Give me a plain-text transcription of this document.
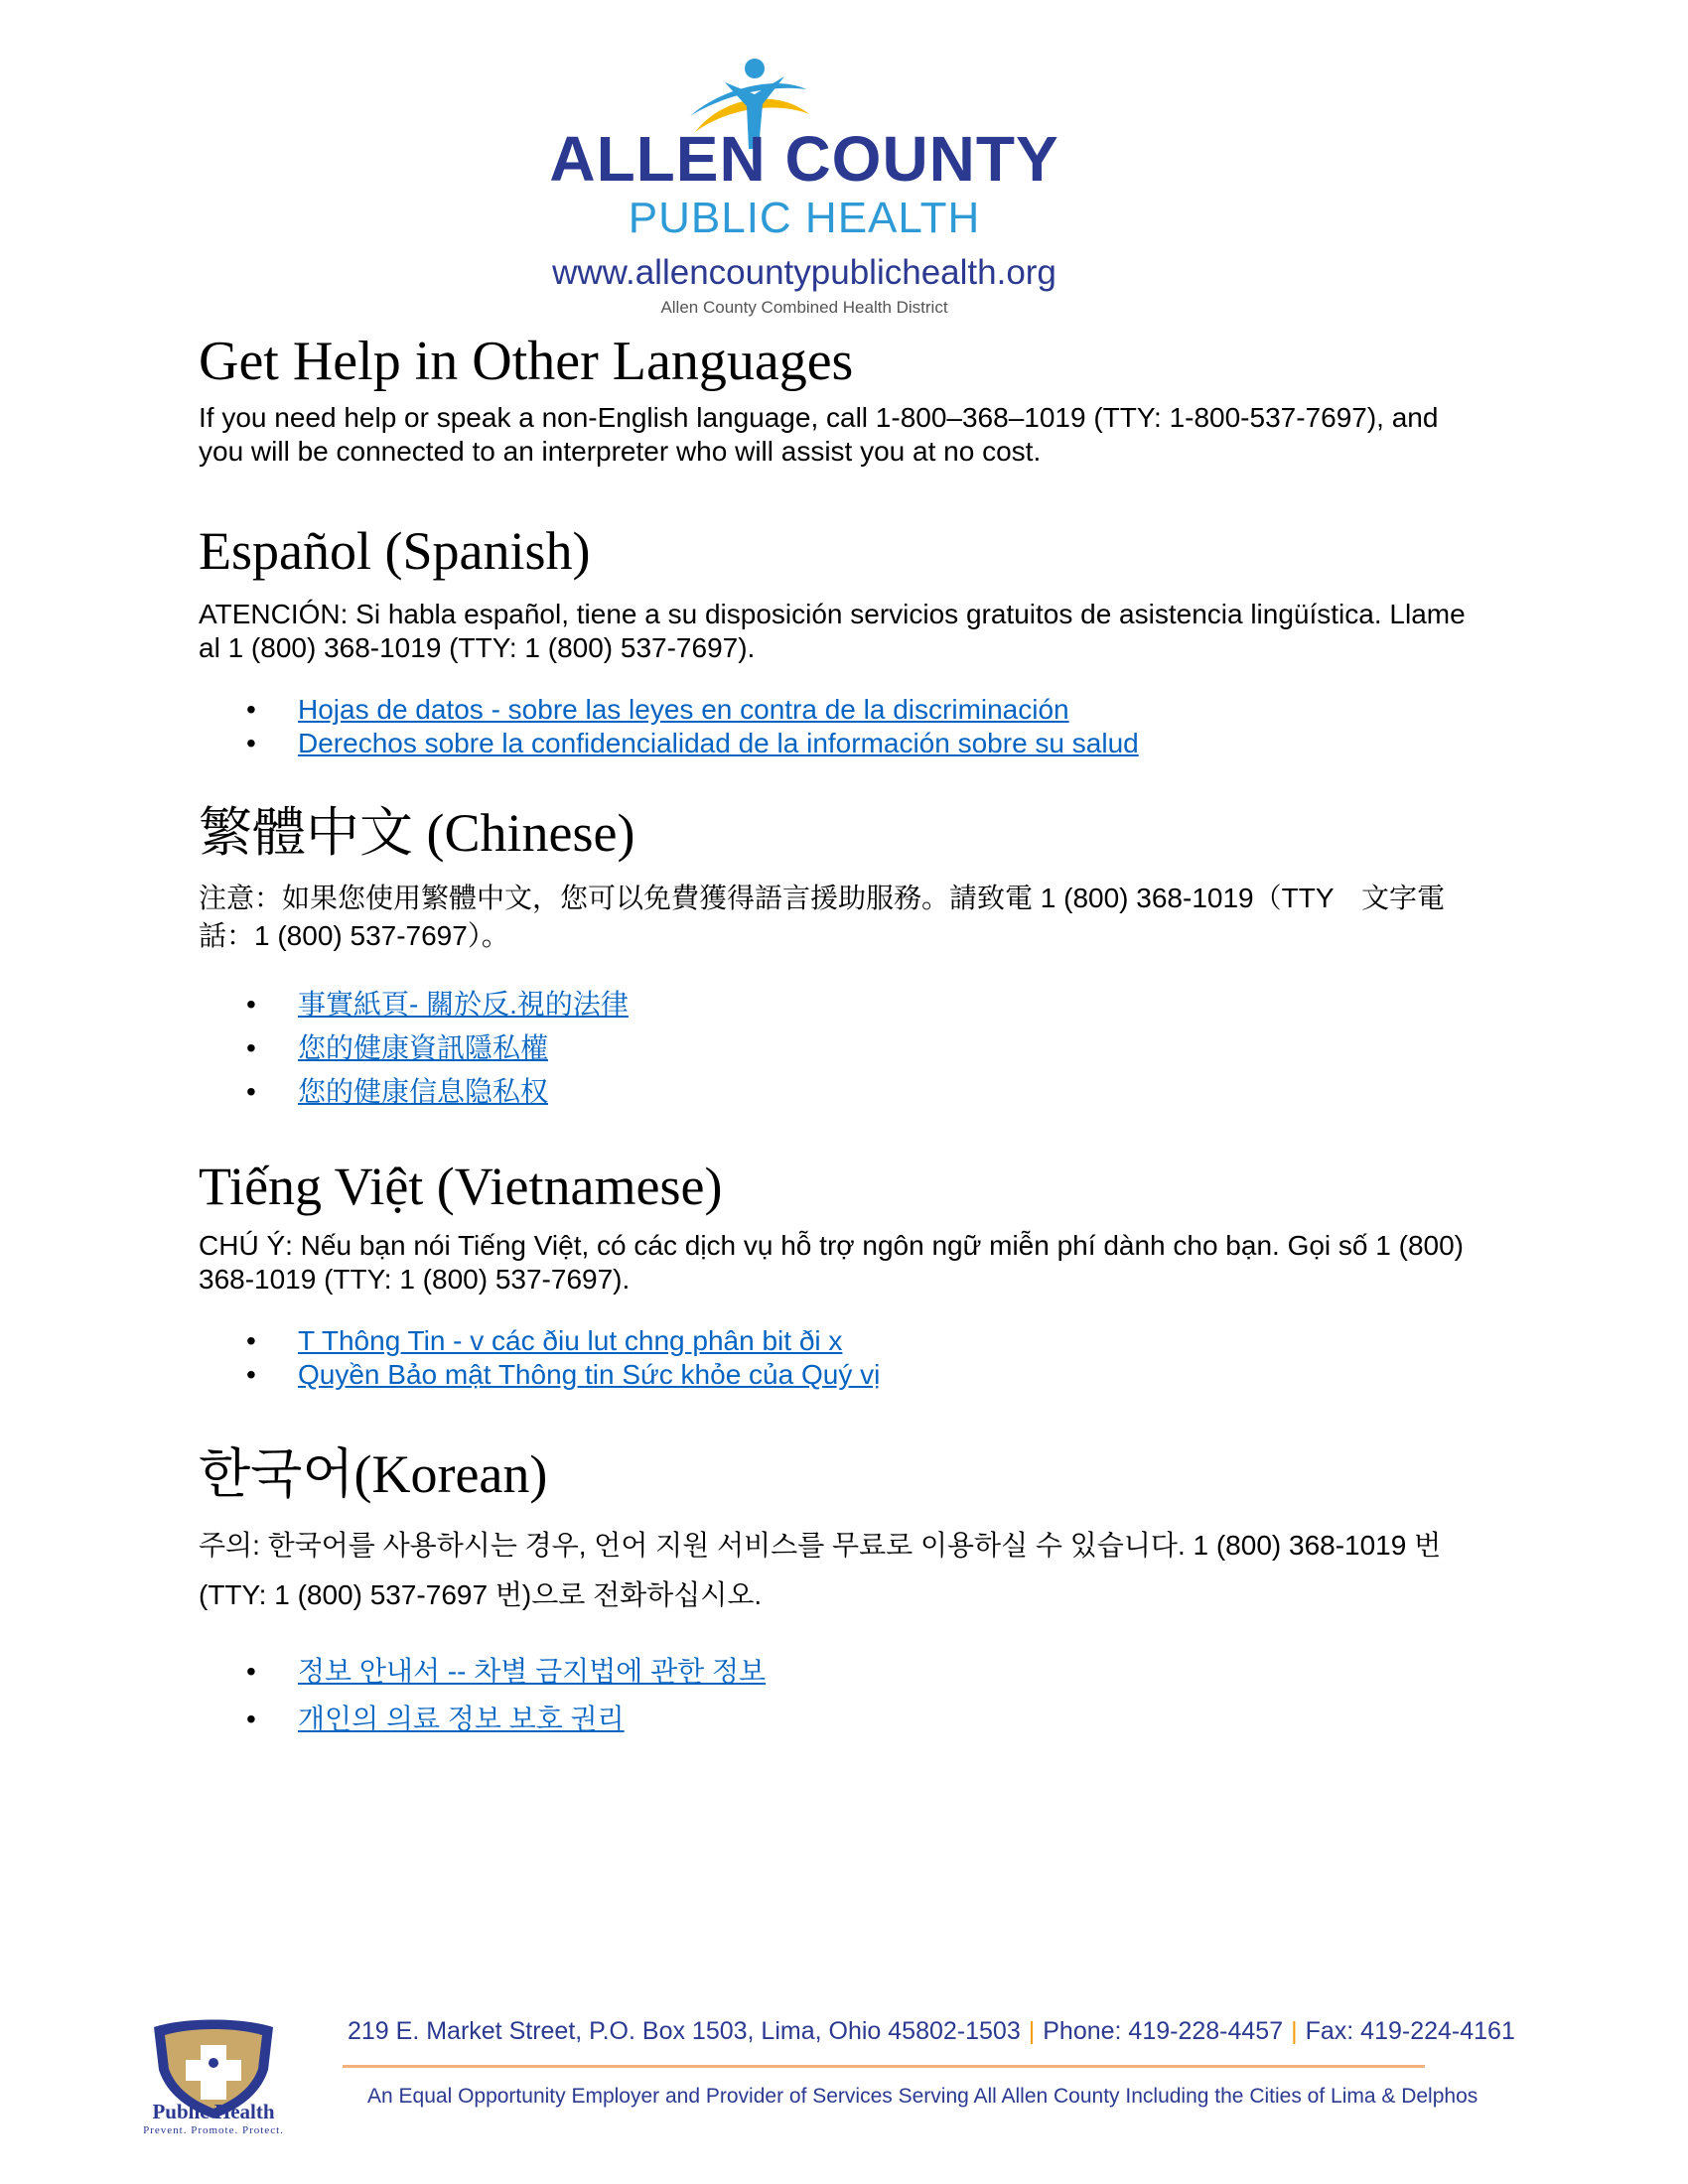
ALLEN COUNTY
PUBLIC HEALTH
www.allencountypublichealth.org
Allen County Combined Health District
Get Help in Other Languages

If you need help or speak a non-English language, call 1-800–368–1019 (TTY: 1-800-537-7697), and you will be connected to an interpreter who will assist you at no cost.

Español (Spanish)

ATENCIÓN: Si habla español, tiene a su disposición servicios gratuitos de asistencia lingüística. Llame al 1 (800) 368-1019 (TTY: 1 (800) 537-7697).

• Hojas de datos - sobre las leyes en contra de la discriminación
• Derechos sobre la confidencialidad de la información sobre su salud
繁體中文 (Chinese)

注意：如果您使用繁體中文，您可以免費獲得語言援助服務。請致電 1 (800) 368-1019（TTY　文字電話：1 (800) 537-7697）。

• 事實紙頁- 關於反.視的法律
• 您的健康資訊隱私權
• 您的健康信息隐私权
Tiếng Việt (Vietnamese)

CHÚ Ý: Nếu bạn nói Tiếng Việt, có các dịch vụ hỗ trợ ngôn ngữ miễn phí dành cho bạn. Gọi số 1 (800) 368-1019 (TTY: 1 (800) 537-7697).

• T Thông Tin - v các ðiu lut chng phân bit ði x
• Quyền Bảo mật Thông tin Sức khỏe của Quý vị
한국어(Korean)

주의: 한국어를 사용하시는 경우, 언어 지원 서비스를 무료로 이용하실 수 있습니다. 1 (800) 368-1019 번 (TTY: 1 (800) 537-7697 번)으로 전화하십시오.

• 정보 안내서 -- 차별 금지법에 관한 정보
• 개인의 의료 정보 보호 권리
Public Health
Prevent. Promote. Protect.
219 E. Market Street, P.O. Box 1503, Lima, Ohio 45802-1503 | Phone: 419-228-4457 | Fax: 419-224-4161
An Equal Opportunity Employer and Provider of Services Serving All Allen County Including the Cities of Lima & Delphos
